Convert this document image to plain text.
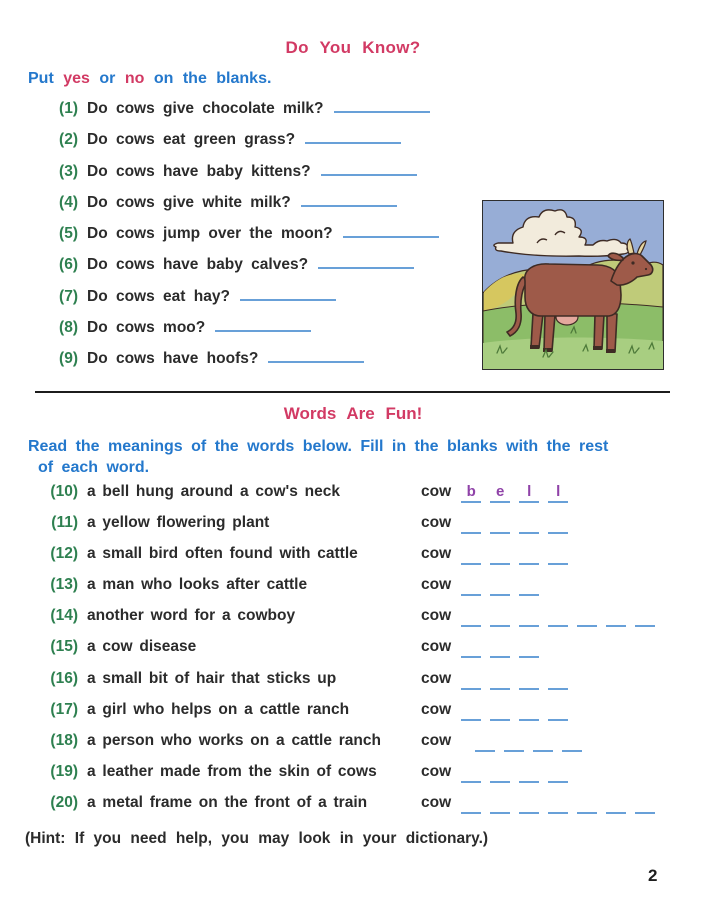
Do You Know?
Put yes or no on the blanks.
(1) Do cows give chocolate milk?
(2) Do cows eat green grass?
(3) Do cows have baby kittens?
(4) Do cows give white milk?
(5) Do cows jump over the moon?
(6) Do cows have baby calves?
(7) Do cows eat hay?
(8) Do cows moo?
(9) Do cows have hoofs?
Words Are Fun!
Read the meanings of the words below. Fill in the blanks with the rest
of each word.
(10) a bell hung around a cow's neck	cow	b	e	l	l
(11) a yellow flowering plant	cow

(12) a small bird often found with cattle	cow

(13) a man who looks after cattle	cow

(14) another word for a cowboy	cow

(15) a cow disease	cow

(16) a small bit of hair that sticks up	cow

(17) a girl who helps on a cattle ranch	cow

(18) a person who works on a cattle ranch	cow

(19) a leather made from the skin of cows	cow

(20) a metal frame on the front of a train	cow

(Hint: If you need help, you may look in your dictionary.)
2
